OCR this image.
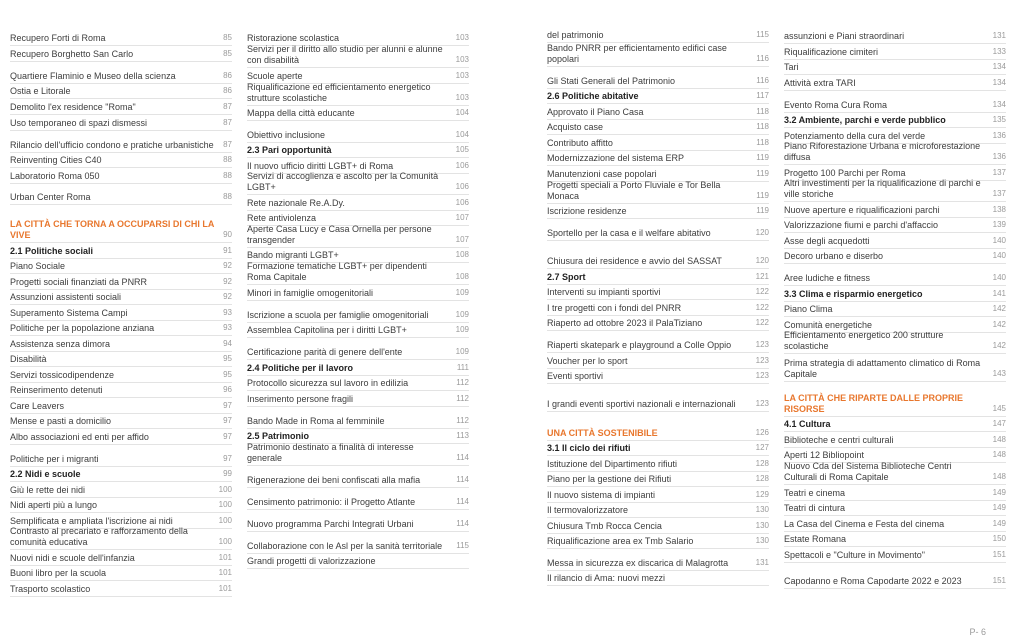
Recupero Forti di Roma	85
Recupero Borghetto San Carlo	85
Quartiere Flaminio e Museo della scienza	86
Ostia e Litorale	86
Demolito l'ex residence "Roma"	87
Uso temporaneo di spazi dismessi	87
Rilancio dell'ufficio condono e pratiche urbanistiche	87
Reinventing Cities C40	88
Laboratorio Roma 050	88
Urban Center Roma	88
LA CITTÀ CHE TORNA A OCCUPARSI DI CHI LA VIVE	90
2.1 Politiche sociali	91
Piano Sociale	92
Progetti sociali finanziati da PNRR	92
Assunzioni assistenti sociali	92
Superamento Sistema Campi	93
Politiche per la popolazione anziana	93
Assistenza senza dimora	94
Disabilità	95
Servizi tossicodipendenze	95
Reinserimento detenuti	96
Care Leavers	97
Mense e pasti a domicilio	97
Albo associazioni ed enti per affido	97
Politiche per i migranti	97
2.2 Nidi e scuole	99
Giù le rette dei nidi	100
Nidi aperti più a lungo	100
Semplificata e ampliata l'iscrizione ai nidi	100
Contrasto al precariato e rafforzamento della comunità educativa	100
Nuovi nidi e scuole dell'infanzia	101
Buoni libro per la scuola	101
Trasporto scolastico	101
Ristorazione scolastica	103
Servizi per il diritto allo studio per alunni e alunne con disabilità	103
Scuole aperte	103
Riqualificazione ed efficientamento energetico strutture scolastiche	103
Mappa della città educante	104
Obiettivo inclusione	104
2.3 Pari opportunità	105
Il nuovo ufficio diritti LGBT+ di Roma	106
Servizi di accoglienza e ascolto per la Comunità LGBT+	106
Rete nazionale Re.A.Dy.	106
Rete antiviolenza	107
Aperte Casa Lucy e Casa Ornella per persone transgender	107
Bando migranti LGBT+	108
Formazione tematiche LGBT+ per dipendenti Roma Capitale	108
Minori in famiglie omogenitoriali	109
Iscrizione a scuola per famiglie omogenitoriali	109
Assemblea Capitolina per i diritti LGBT+	109
Certificazione parità di genere dell'ente	109
2.4 Politiche per il lavoro	111
Protocollo sicurezza sul lavoro in edilizia	112
Inserimento persone fragili	112
Bando Made in Roma al femminile	112
2.5 Patrimonio	113
Patrimonio destinato a finalità di interesse generale	114
Rigenerazione dei beni confiscati alla mafia	114
Censimento patrimonio: il Progetto Atlante	114
Nuovo programma Parchi Integrati Urbani	114
Collaborazione con le Asl per la sanità territoriale	115
Grandi progetti di valorizzazione
del patrimonio	115
Bando PNRR per efficientamento edifici case popolari	116
Gli Stati Generali del Patrimonio	116
2.6 Politiche abitative	117
Approvato il Piano Casa	118
Acquisto case	118
Contributo affitto	118
Modernizzazione del sistema ERP	119
Manutenzioni case popolari	119
Progetti speciali a Porto Fluviale e Tor Bella Monaca	119
Iscrizione residenze	119
Sportello per la casa e il welfare abitativo	120
Chiusura dei residence e avvio del SASSAT	120
2.7 Sport	121
Interventi su impianti sportivi	122
I tre progetti con i fondi del PNRR	122
Riaperto ad ottobre 2023 il PalaTiziano	122
Riaperti skatepark e playground a Colle Oppio	123
Voucher per lo sport	123
Eventi sportivi	123
I grandi eventi sportivi nazionali e internazionali	123
UNA CITTÀ SOSTENIBILE	126
3.1 Il ciclo dei rifiuti	127
Istituzione del Dipartimento rifiuti	128
Piano per la gestione dei Rifiuti	128
Il nuovo sistema di impianti	129
Il termovalorizzatore	130
Chiusura Tmb Rocca Cencia	130
Riqualificazione area ex Tmb Salario	130
Messa in sicurezza ex discarica di Malagrotta	131
Il rilancio di Ama: nuovi mezzi
assunzioni e Piani straordinari	131
Riqualificazione cimiteri	133
Tari	134
Attività extra TARI	134
Evento Roma Cura Roma	134
3.2 Ambiente, parchi e verde pubblico	135
Potenziamento della cura del verde	136
Piano Riforestazione Urbana e microforestazione diffusa	136
Progetto 100 Parchi per Roma	137
Altri investimenti per la riqualificazione di parchi e ville storiche	137
Nuove aperture e riqualificazioni parchi	138
Valorizzazione fiumi e parchi d'affaccio	139
Asse degli acquedotti	140
Decoro urbano e diserbo	140
Aree ludiche e fitness	140
3.3 Clima e risparmio energetico	141
Piano Clima	142
Comunità energetiche	142
Efficientamento energetico 200 strutture scolastiche	142
Prima strategia di adattamento climatico di Roma Capitale	143
LA CITTÀ CHE RIPARTE DALLE PROPRIE RISORSE	145
4.1 Cultura	147
Biblioteche e centri culturali	148
Aperti 12 Bibliopoint	148
Nuovo Cda del Sistema Biblioteche Centri Culturali di Roma Capitale	148
Teatri e cinema	149
Teatri di cintura	149
La Casa del Cinema e Festa del cinema	149
Estate Romana	150
Spettacoli e "Culture in Movimento"	151
Capodanno e Roma Capodarte 2022 e 2023	151
P- 6
